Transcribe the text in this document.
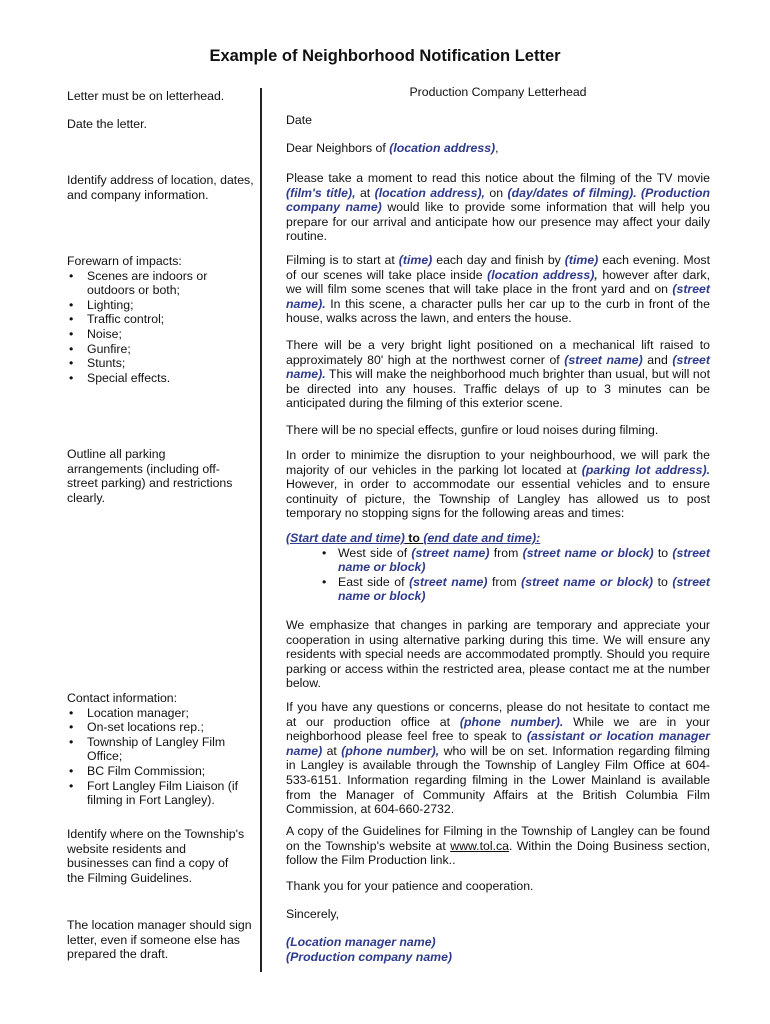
Example of Neighborhood Notification Letter
Letter must be on letterhead.
Date the letter.
Identify address of location, dates, and company information.
Forewarn of impacts:
• Scenes are indoors or outdoors or both;
• Lighting;
• Traffic control;
• Noise;
• Gunfire;
• Stunts;
• Special effects.
Outline all parking arrangements (including off-street parking) and restrictions clearly.
Contact information:
• Location manager;
• On-set locations rep.;
• Township of Langley Film Office;
• BC Film Commission;
• Fort Langley Film Liaison (if filming in Fort Langley).
Identify where on the Township's website residents and businesses can find a copy of the Filming Guidelines.
The location manager should sign letter, even if someone else has prepared the draft.
Production Company Letterhead
Date
Dear Neighbors of (location address),
Please take a moment to read this notice about the filming of the TV movie (film's title), at (location address), on (day/dates of filming). (Production company name) would like to provide some information that will help you prepare for our arrival and anticipate how our presence may affect your daily routine.
Filming is to start at (time) each day and finish by (time) each evening. Most of our scenes will take place inside (location address), however after dark, we will film some scenes that will take place in the front yard and on (street name). In this scene, a character pulls her car up to the curb in front of the house, walks across the lawn, and enters the house.
There will be a very bright light positioned on a mechanical lift raised to approximately 80' high at the northwest corner of (street name) and (street name). This will make the neighborhood much brighter than usual, but will not be directed into any houses. Traffic delays of up to 3 minutes can be anticipated during the filming of this exterior scene.
There will be no special effects, gunfire or loud noises during filming.
In order to minimize the disruption to your neighbourhood, we will park the majority of our vehicles in the parking lot located at (parking lot address). However, in order to accommodate our essential vehicles and to ensure continuity of picture, the Township of Langley has allowed us to post temporary no stopping signs for the following areas and times:
(Start date and time) to (end date and time):
• West side of (street name) from (street name or block) to (street name or block)
• East side of (street name) from (street name or block) to (street name or block)
We emphasize that changes in parking are temporary and appreciate your cooperation in using alternative parking during this time. We will ensure any residents with special needs are accommodated promptly. Should you require parking or access within the restricted area, please contact me at the number below.
If you have any questions or concerns, please do not hesitate to contact me at our production office at (phone number). While we are in your neighborhood please feel free to speak to (assistant or location manager name) at (phone number), who will be on set. Information regarding filming in Langley is available through the Township of Langley Film Office at 604-533-6151. Information regarding filming in the Lower Mainland is available from the Manager of Community Affairs at the British Columbia Film Commission, at 604-660-2732.
A copy of the Guidelines for Filming in the Township of Langley can be found on the Township's website at www.tol.ca. Within the Doing Business section, follow the Film Production link..
Thank you for your patience and cooperation.
Sincerely,
(Location manager name)
(Production company name)
